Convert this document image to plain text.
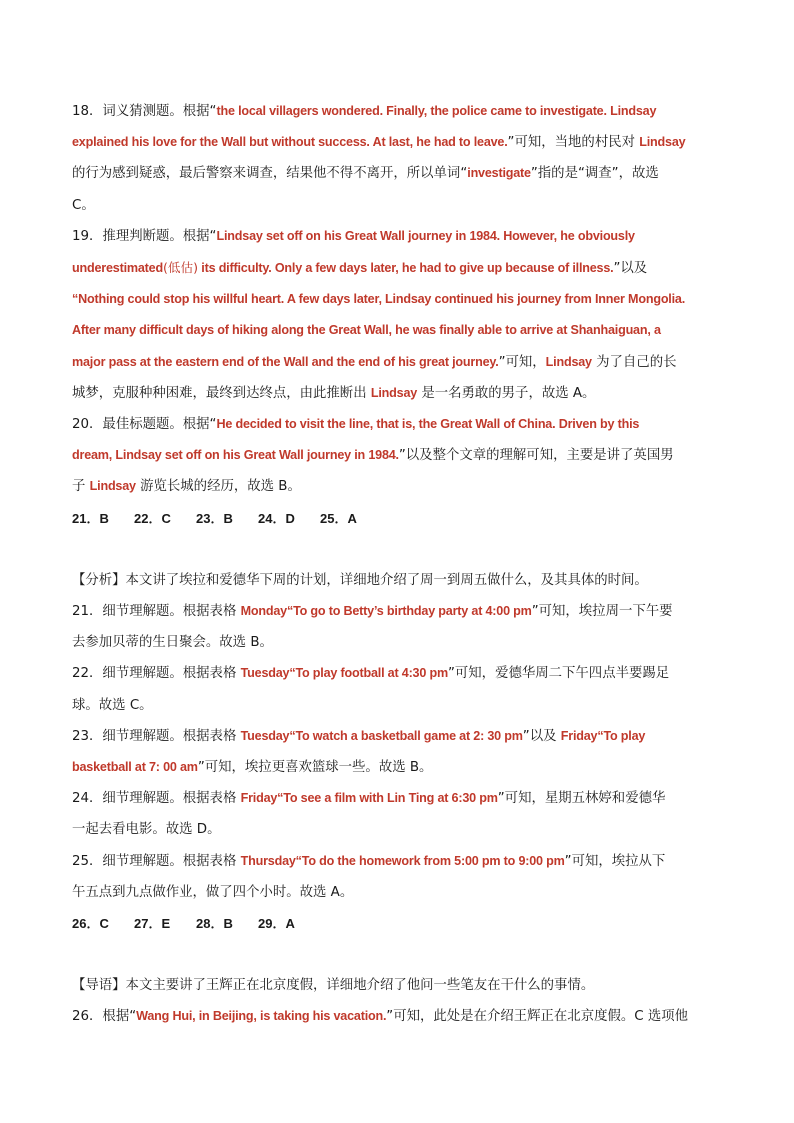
18．词义猜测题。根据“the local villagers wondered. Finally, the police came to investigate. Lindsay

explained his love for the Wall but without success. At last, he had to leave.”可知，当地的村民对 Lindsay

的行为感到疑惑，最后警察来调查，结果他不得不离开，所以单词“investigate”指的是“调查”，故选

C。

19．推理判断题。根据“Lindsay set off on his Great Wall journey in 1984. However, he obviously

underestimated(低估) its difficulty. Only a few days later, he had to give up because of illness.”以及

“Nothing could stop his willful heart. A few days later, Lindsay continued his journey from Inner Mongolia.

After many difficult days of hiking along the Great Wall, he was finally able to arrive at Shanhaiguan, a

major pass at the eastern end of the Wall and the end of his great journey.”可知，Lindsay 为了自己的长

城梦，克服种种困难，最终到达终点，由此推断出 Lindsay 是一名勇敢的男子，故选 A。

20．最佳标题题。根据“He decided to visit the line, that is, the Great Wall of China. Driven by this

dream, Lindsay set off on his Great Wall journey in 1984.”以及整个文章的理解可知，主要是讲了英国男

子 Lindsay 游览长城的经历，故选 B。

21．B 22．C 23．B 24．D 25．A

【分析】本文讲了埃拉和爱德华下周的计划，详细地介绍了周一到周五做什么，及其具体的时间。

21．细节理解题。根据表格 Monday“To go to Betty’s birthday party at 4:00 pm”可知，埃拉周一下午要

去参加贝蒂的生日聚会。故选 B。

22．细节理解题。根据表格 Tuesday“To play football at 4:30 pm”可知，爱德华周二下午四点半要踢足

球。故选 C。

23．细节理解题。根据表格 Tuesday“To watch a basketball game at 2: 30 pm”以及 Friday“To play

basketball at 7: 00 am”可知，埃拉更喜欢篮球一些。故选 B。

24．细节理解题。根据表格 Friday“To see a film with Lin Ting at 6:30 pm”可知，星期五林婷和爱德华

一起去看电影。故选 D。

25．细节理解题。根据表格 Thursday“To do the homework from 5:00 pm to 9:00 pm”可知，埃拉从下

午五点到九点做作业，做了四个小时。故选 A。

26．C 27．E 28．B 29．A

【导语】本文主要讲了王辉正在北京度假，详细地介绍了他问一些笔友在干什么的事情。

26．根据“Wang Hui, in Beijing, is taking his vacation.”可知，此处是在介绍王辉正在北京度假。C 选项他
